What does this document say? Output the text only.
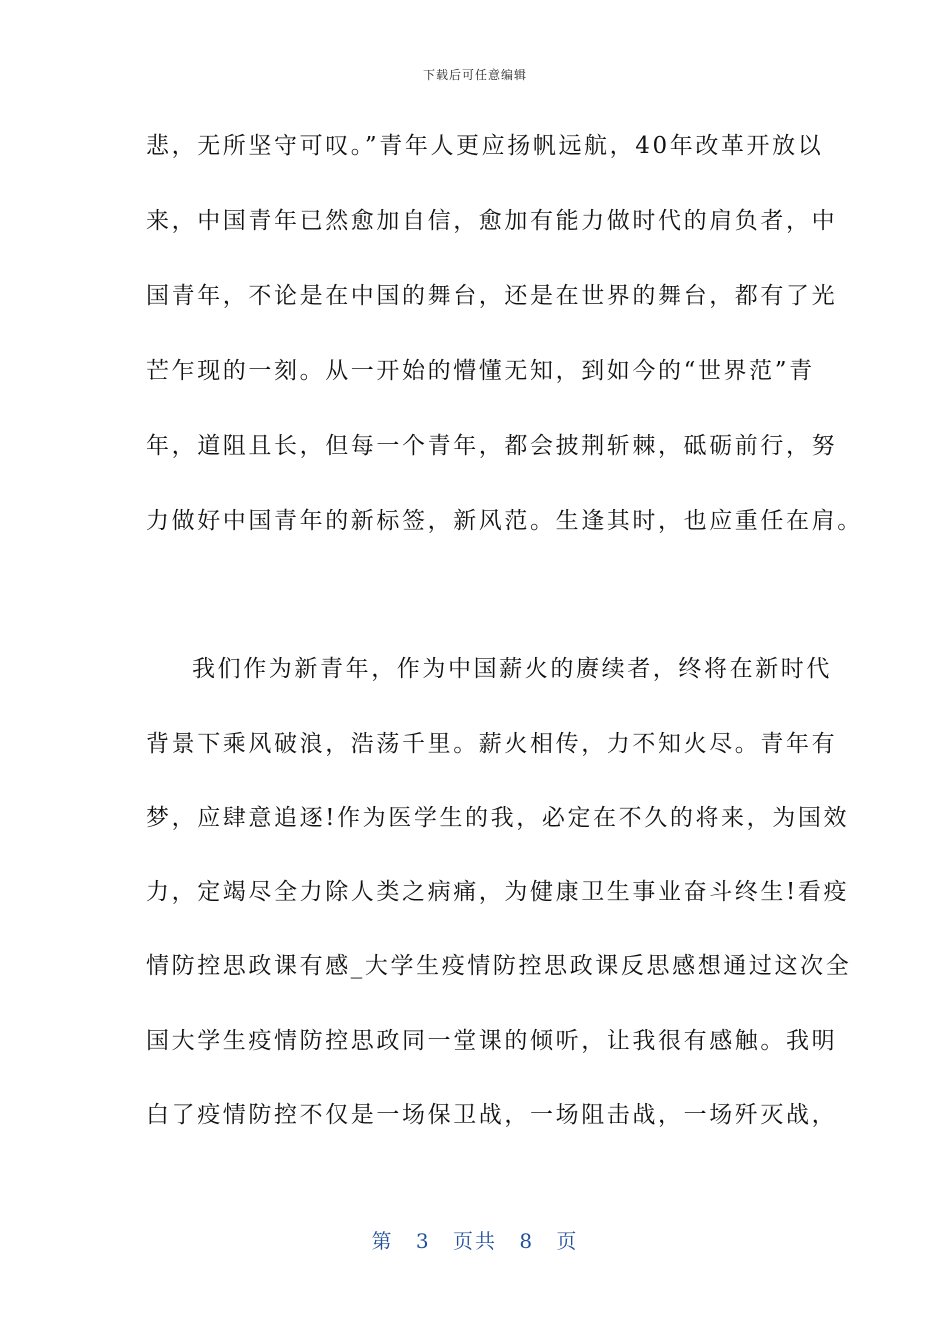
下载后可任意编辑
悲，无所坚守可叹。”青年人更应扬帆远航，40年改革开放以
来，中国青年已然愈加自信，愈加有能力做时代的肩负者，中
国青年，不论是在中国的舞台，还是在世界的舞台，都有了光
芒乍现的一刻。从一开始的懵懂无知，到如今的“世界范”青
年，道阻且长，但每一个青年，都会披荆斩棘，砥砺前行，努
力做好中国青年的新标签，新风范。生逢其时，也应重任在肩。
我们作为新青年，作为中国薪火的赓续者，终将在新时代
背景下乘风破浪，浩荡千里。薪火相传，力不知火尽。青年有
梦，应肆意追逐!作为医学生的我，必定在不久的将来，为国效
力，定竭尽全力除人类之病痛，为健康卫生事业奋斗终生!看疫
情防控思政课有感_大学生疫情防控思政课反思感想通过这次全
国大学生疫情防控思政同一堂课的倾听，让我很有感触。我明
白了疫情防控不仅是一场保卫战，一场阻击战，一场歼灭战，
第 3 页共 8 页
